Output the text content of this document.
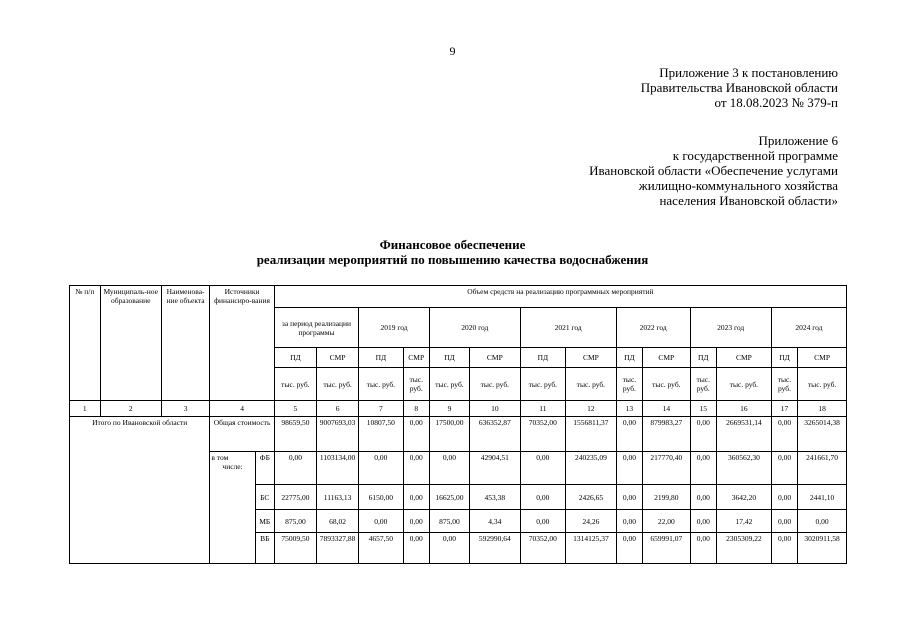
9
Приложение 3 к постановлению
Правительства Ивановской области
от 18.08.2023 № 379-п
Приложение 6
к государственной программе
Ивановской области «Обеспечение услугами
жилищно-коммунального хозяйства
населения Ивановской области»
Финансовое обеспечение
реализации мероприятий по повышению качества водоснабжения
№ п/п	Муниципаль-ное образование	Наименова-ние объекта	Источники финансиро-вания		Объем средств на реализацию программных мероприятий													
					за период реализации программы		2019 год		2020 год		2021 год		2022 год		2023 год		2024 год	
					ПД	СМР	ПД	СМР	ПД	СМР	ПД	СМР	ПД	СМР	ПД	СМР	ПД	СМР
					тыс. руб.	тыс. руб.	тыс. руб.	тыс. руб.	тыс. руб.	тыс. руб.	тыс. руб.	тыс. руб.	тыс. руб.	тыс. руб.	тыс. руб.	тыс. руб.	тыс. руб.	тыс. руб.
1	2	3	4		5	6	7	8	9	10	11	12	13	14	15	16	17	18
Итого по Ивановской области			Общая стоимость		98659,50	9007693,03	10807,50	0,00	17500,00	636352,87	70352,00	1556811,37	0,00	879983,27	0,00	2669531,14	0,00	3265014,38

			в том
числе:	ФБ	0,00	1103134,00	0,00	0,00	0,00	42904,51	0,00	240235,09	0,00	217770,40	0,00	360562,30	0,00	241661,70
				БС	22775,00	11163,13	6150,00	0,00	16625,00	453,38	0,00	2426,65	0,00	2199,80	0,00	3642,20	0,00	2441,10
				МБ	875,00	68,02	0,00	0,00	875,00	4,34	0,00	24,26	0,00	22,00	0,00	17,42	0,00	0,00
				ВБ	75009,50	7893327,88	4657,50	0,00	0,00	592990,64	70352,00	1314125,37	0,00	659991,07	0,00	2305309,22	0,00	3020911,58
